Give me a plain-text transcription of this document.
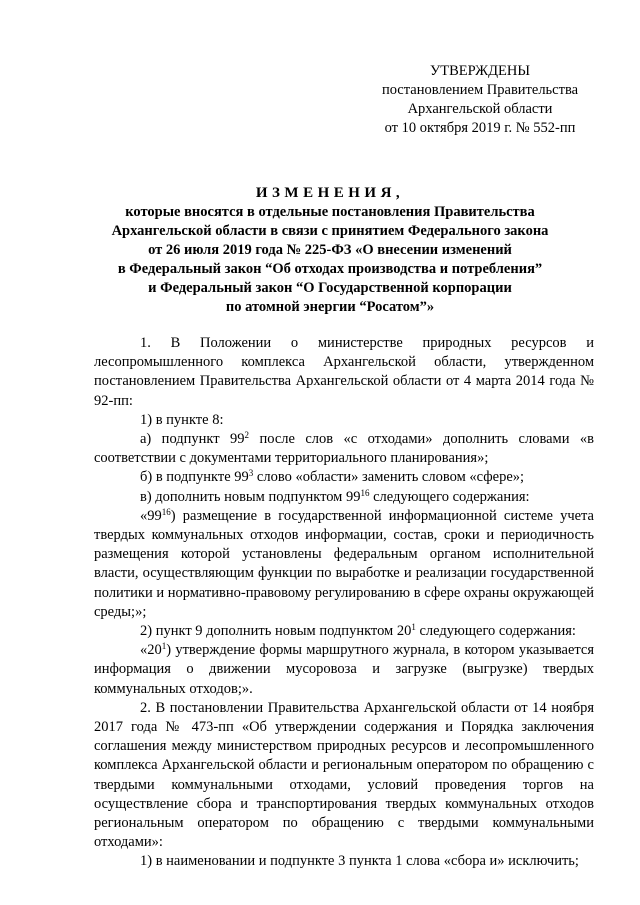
УТВЕРЖДЕНЫ
постановлением Правительства
Архангельской области
от 10 октября 2019 г. № 552-пп
ИЗМЕНЕНИЯ,
которые вносятся в отдельные постановления Правительства
Архангельской области в связи с принятием Федерального закона
от 26 июля 2019 года № 225-ФЗ «О внесении изменений
в Федеральный закон “Об отходах производства и потребления”
и Федеральный закон “О Государственной корпорации
по атомной энергии “Росатом”»

1. В Положении о министерстве природных ресурсов и лесопромышленного комплекса Архангельской области, утвержденном постановлением Правительства Архангельской области от 4 марта 2014 года № 92-пп:

1) в пункте 8:

а) подпункт $99^2$ после слов «с отходами» дополнить словами «в соответствии с документами территориального планирования»;

б) в подпункте $99^3$ слово «области» заменить словом «сфере»;

в) дополнить новым подпунктом $99^{16}$ следующего содержания:

«$99^{16}$) размещение в государственной информационной системе учета твердых коммунальных отходов информации, состав, сроки и периодичность размещения которой установлены федеральным органом исполнительной власти, осуществляющим функции по выработке и реализации государственной политики и нормативно-правовому регулированию в сфере охраны окружающей среды;»;

2) пункт 9 дополнить новым подпунктом $20^1$ следующего содержания:

«$20^1$) утверждение формы маршрутного журнала, в котором указывается информация о движении мусоровоза и загрузке (выгрузке) твердых коммунальных отходов;».

2. В постановлении Правительства Архангельской области от 14 ноября 2017 года № 473-пп «Об утверждении содержания и Порядка заключения соглашения между министерством природных ресурсов и лесопромышленного комплекса Архангельской области и региональным оператором по обращению с твердыми коммунальными отходами, условий проведения торгов на осуществление сбора и транспортирования твердых коммунальных отходов региональным оператором по обращению с твердыми коммунальными отходами»:

1) в наименовании и подпункте 3 пункта 1 слова «сбора и» исключить;
